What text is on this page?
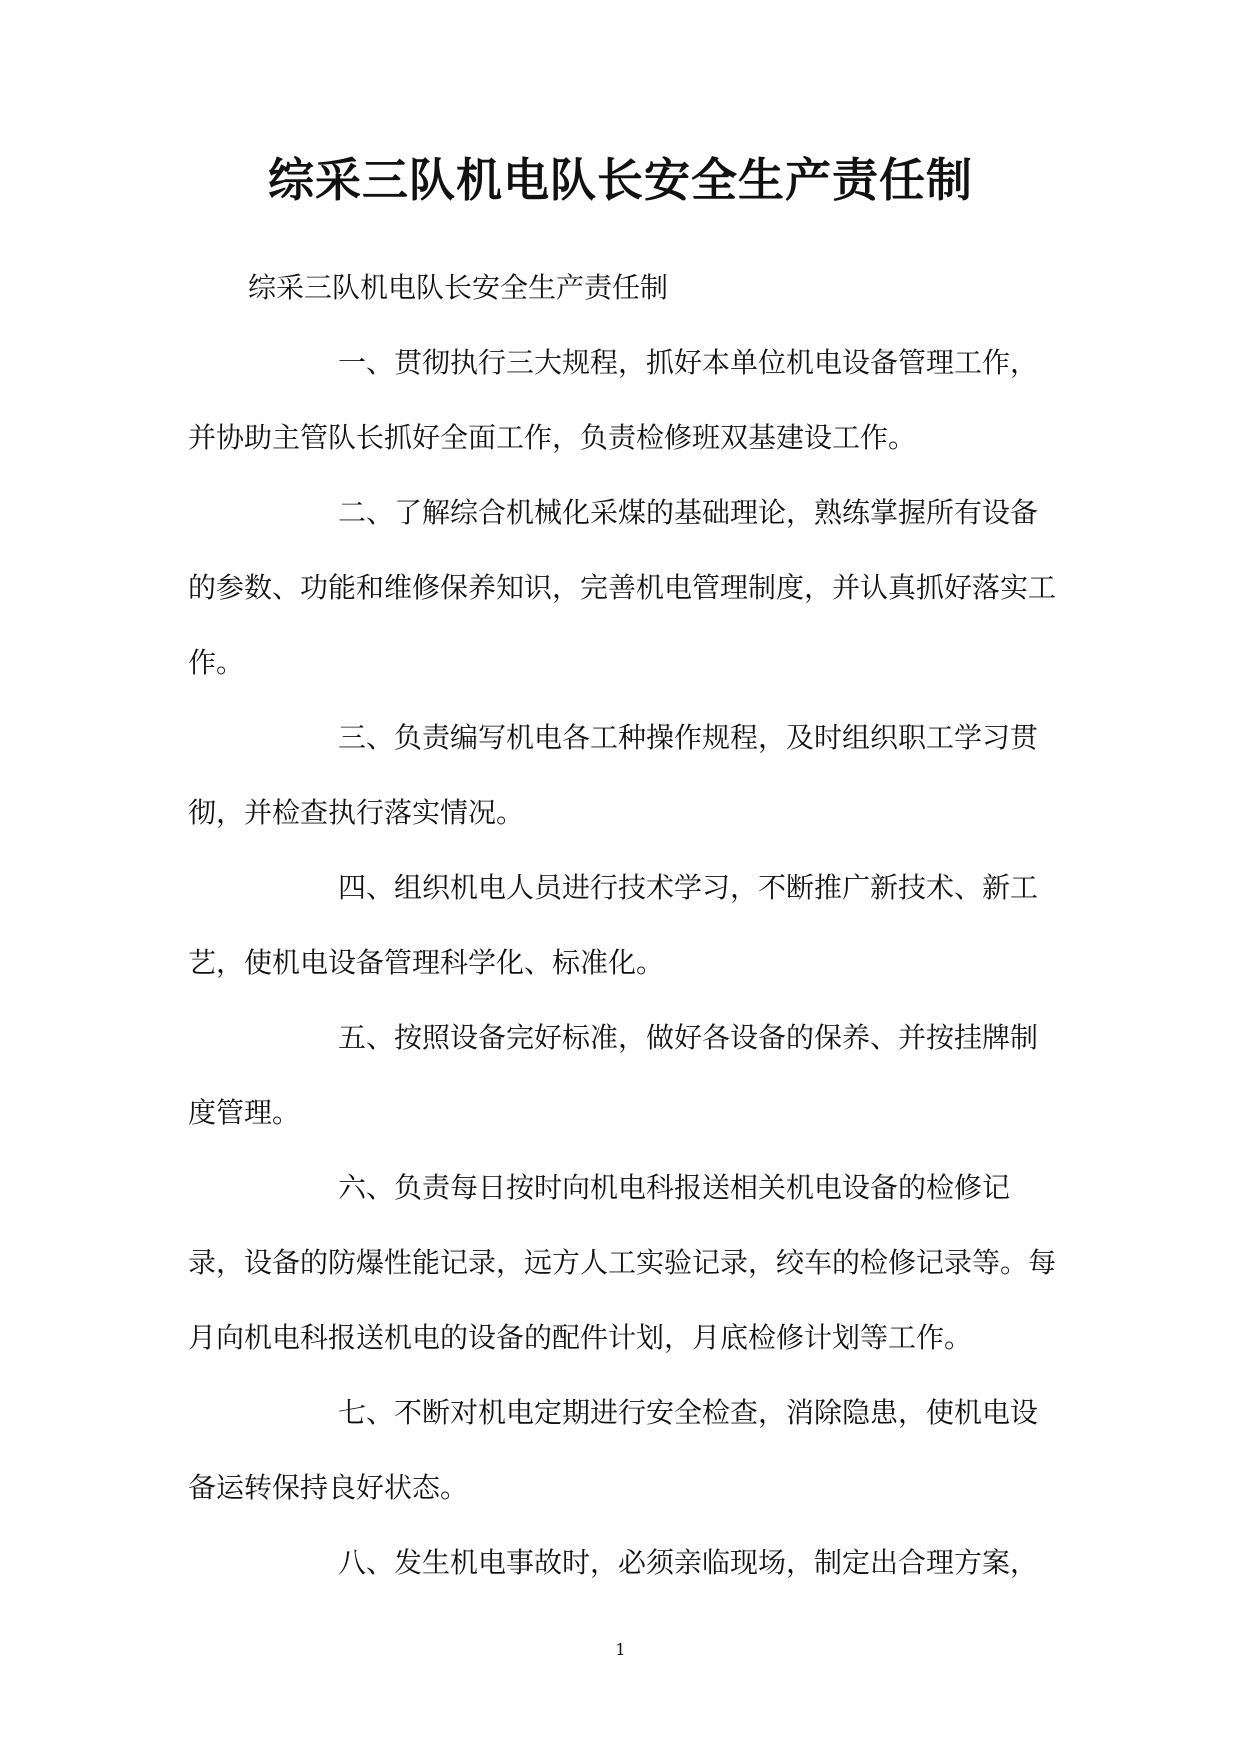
综采三队机电队长安全生产责任制

综采三队机电队长安全生产责任制

一、贯彻执行三大规程，抓好本单位机电设备管理工作，并协助主管队长抓好全面工作，负责检修班双基建设工作。

二、了解综合机械化采煤的基础理论，熟练掌握所有设备的参数、功能和维修保养知识，完善机电管理制度，并认真抓好落实工作。

三、负责编写机电各工种操作规程，及时组织职工学习贯彻，并检查执行落实情况。

四、组织机电人员进行技术学习，不断推广新技术、新工艺，使机电设备管理科学化、标准化。

五、按照设备完好标准，做好各设备的保养、并按挂牌制度管理。

六、负责每日按时向机电科报送相关机电设备的检修记录，设备的防爆性能记录，远方人工实验记录，绞车的检修记录等。每月向机电科报送机电的设备的配件计划，月底检修计划等工作。

七、不断对机电定期进行安全检查，消除隐患，使机电设备运转保持良好状态。

八、发生机电事故时，必须亲临现场，制定出合理方案，

1
